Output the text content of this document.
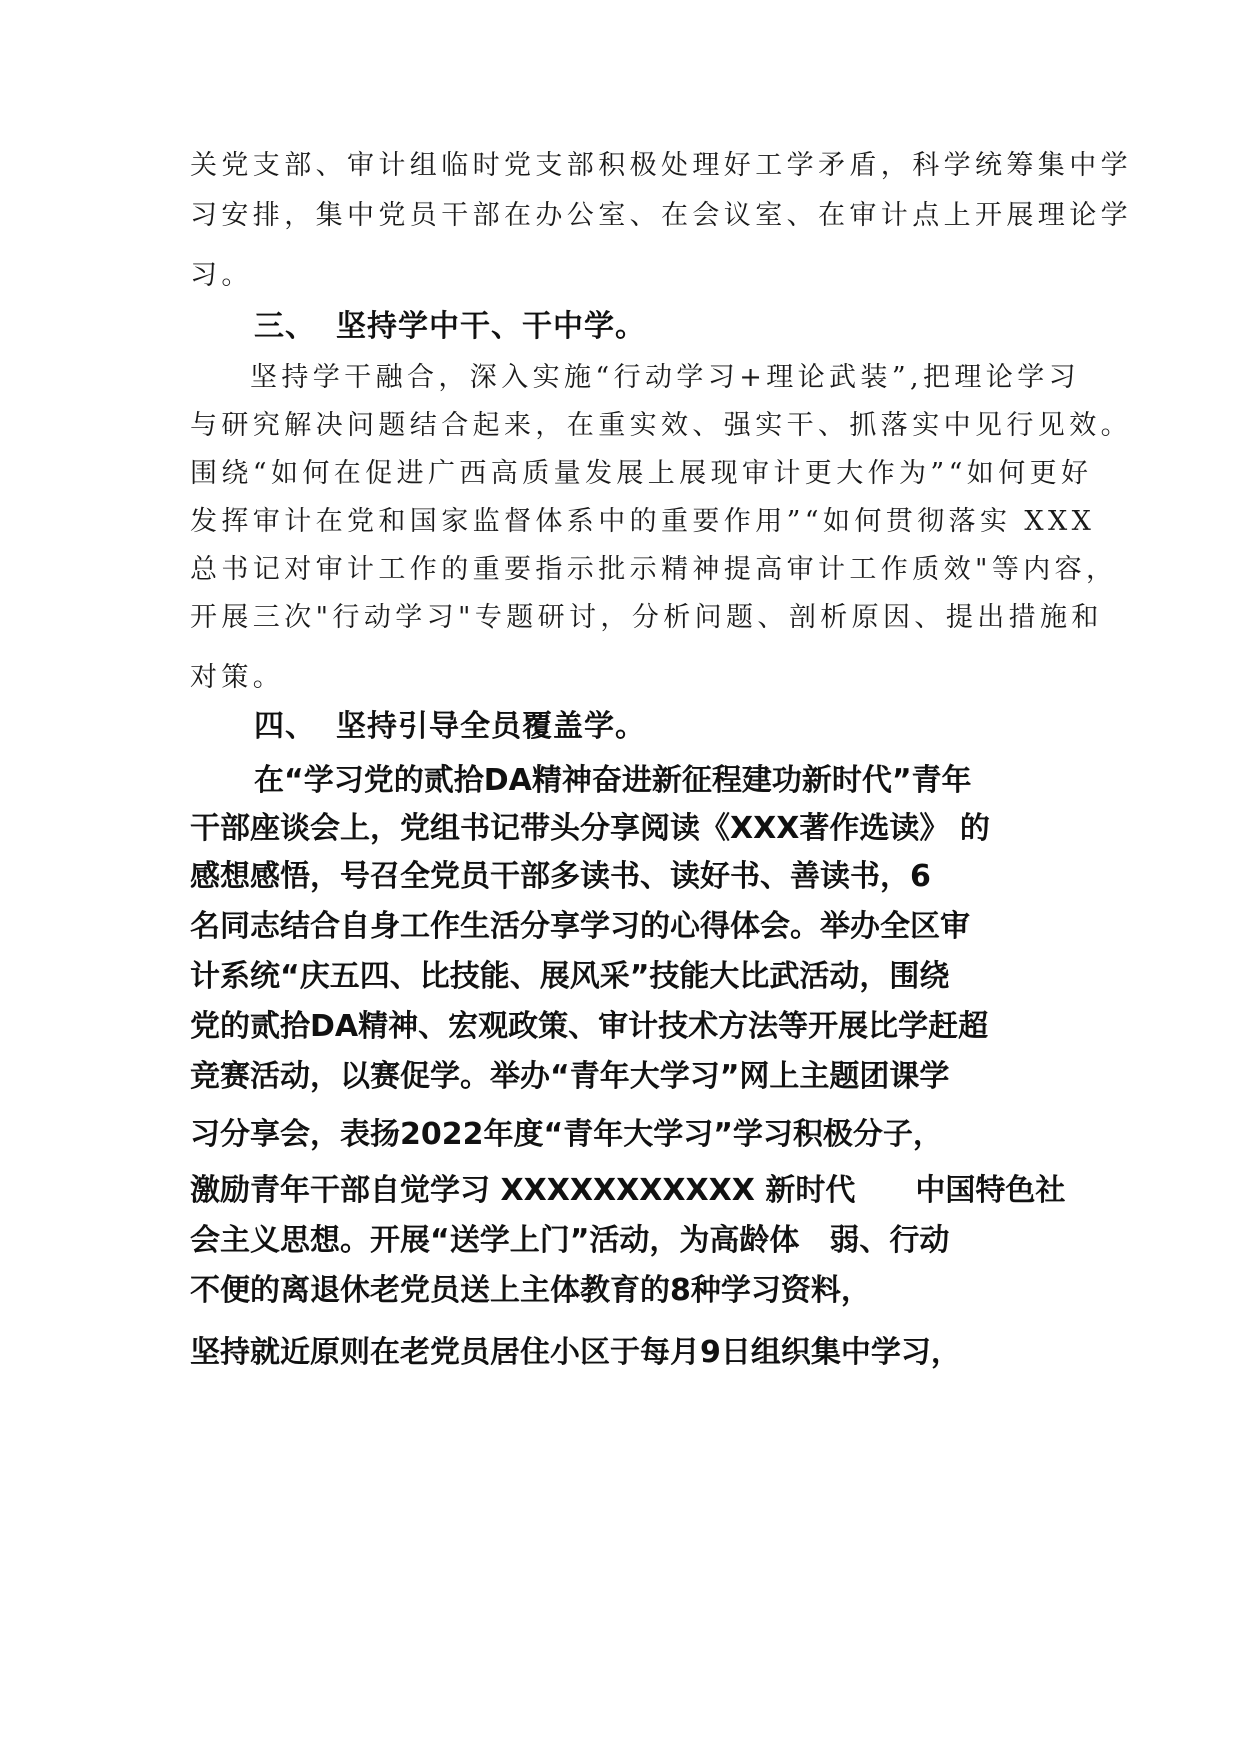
关党支部、审计组临时党支部积极处理好工学矛盾，科学统筹集中学
习安排，集中党员干部在办公室、在会议室、在审计点上开展理论学
习。
三、 坚持学中干、干中学。
坚持学干融合，深入实施“行动学习+理论武装”,把理论学习
与研究解决问题结合起来，在重实效、强实干、抓落实中见行见效。
围绕“如何在促进广西高质量发展上展现审计更大作为”“如何更好
发挥审计在党和国家监督体系中的重要作用”“如何贯彻落实 XXX
总书记对审计工作的重要指示批示精神提高审计工作质效"等内容，
开展三次"行动学习"专题研讨，分析问题、剖析原因、提出措施和
对策。
四、 坚持引导全员覆盖学。
在“学习党的贰拾DA精神奋进新征程建功新时代”青年
干部座谈会上，党组书记带头分享阅读《XXX著作选读》 的
感想感悟，号召全党员干部多读书、读好书、善读书，6
名同志结合自身工作生活分享学习的心得体会。举办全区审
计系统“庆五四、比技能、展风采”技能大比武活动，围绕
党的贰拾DA精神、宏观政策、审计技术方法等开展比学赶超
竞赛活动，以赛促学。举办“青年大学习”网上主题团课学
习分享会，表扬2022年度“青年大学习”学习积极分子，
激励青年干部自觉学习 XXXXXXXXXXX 新时代　　中国特色社
会主义思想。开展“送学上门”活动，为高龄体　弱、行动
不便的离退休老党员送上主体教育的8种学习资料，
坚持就近原则在老党员居住小区于每月9日组织集中学习，
